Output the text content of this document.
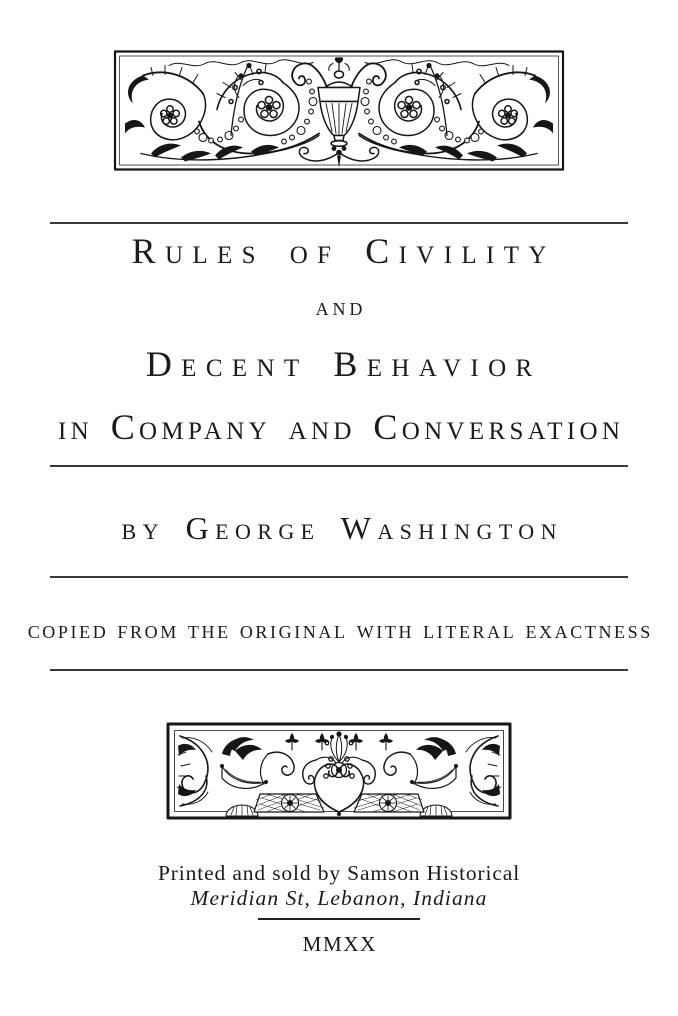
Rules of Civility
and
Decent Behavior
in Company and Conversation
by George Washington
copied from the original with literal exactness
Printed and sold by Samson Historical
Meridian St, Lebanon, Indiana
MMXX
